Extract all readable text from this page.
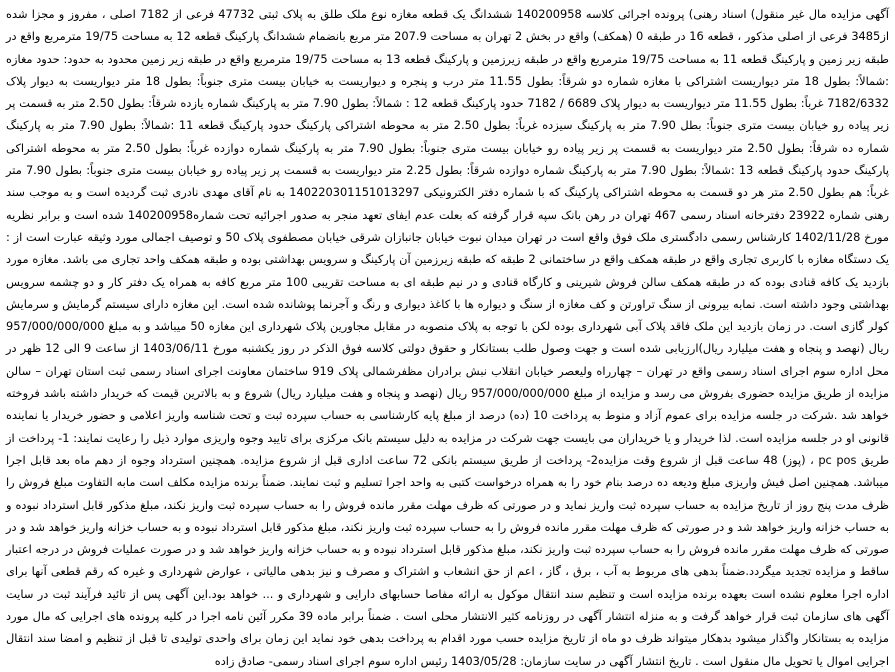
آگهی مزایده مال غیر منقول) اسناد رهنی) پرونده اجرائی کلاسه 140200958 ششدانگ یک قطعه مغازه نوع ملک طلق به پلاک ثبتی 47732 فرعی از 7182 اصلی ، مفروز و مجزا شده از3485 فرعی از اصلی مذکور ، قطعه 16 در طبقه 0 (همکف) واقع در بخش 2 تهران به مساحت 207.9 متر مربع بانضمام ششدانگ پارکینگ قطعه 12 به مساحت 19/75 مترمربع واقع در طبقه زیر زمین و پارکینگ قطعه 11 به مساحت 19/75 مترمربع واقع در طبقه زیرزمین و پارکینگ قطعه 13 به مساحت 19/75 مترمربع واقع در طبقه زیر زمین محدود به حدود: حدود مغازه :شمالاً: بطول 18 متر دیواریست اشتراکی با مغازه شماره دو شرقاً: بطول 11.55 متر درب و پنجره و دیواریست به خیابان بیست متری جنوباً: بطول 18 متر دیواریست به دیوار پلاک 7182/6332 غرباً: بطول 11.55 متر دیواریست به دیوار پلاک 6689 / 7182 حدود پارکینگ قطعه 12 : شمالاً: بطول 7.90 متر به پارکینگ شماره یازده شرقاً: بطول 2.50 متر به قسمت پر زیر پیاده رو خیابان بیست متری جنوباً: بطل 7.90 متر به پارکینگ سیزده غرباً: بطول 2.50 متر به محوطه اشتراکی پارکینگ حدود پارکینگ قطعه 11 :شمالاً: بطول 7.90 متر به پارکینگ شماره ده شرقاً: بطول 2.50 متر دیواریست به قسمت پر زیر پیاده رو خیابان بیست متری جنوباً: بطول 7.90 متر به پارکینگ شماره دوازده غرباً: بطول 2.50 متر به محوطه اشتراکی پارکینگ حدود پارکینگ قطعه 13 :شمالاً: بطول 7.90 متر به پارکینگ شماره دوازده شرقاً: بطول 2.25 متر دیواریست به قسمت پر زیر پیاده رو خیابان بیست متری جنوباً: بطول 7.90 متر غرباً: هم بطول 2.50 متر هر دو قسمت به محوطه اشتراکی پارکینگ که با شماره دفتر الکترونیکی 140220301151013297 به نام آقای مهدی نادری ثبت گردیده است و به موجب سند رهنی شماره 23922 دفترخانه اسناد رسمی 467 تهران در رهن بانک سپه قرار گرفته که بعلت عدم ایفای تعهد منجر به صدور اجرائیه تحت شماره140200958 شده است و برابر نظریه مورخ 1402/11/28 کارشناس رسمی دادگستری ملک فوق واقع است در تهران میدان نبوت خیابان جانبازان شرقی خیابان مصطفوی پلاک 50 و توصیف اجمالی مورد وثیقه عبارت است از : یک دستگاه مغازه با کاربری تجاری واقع در طبقه همکف واقع در ساختمانی 2 طبقه که طبقه زیرزمین آن پارکینگ و سرویس بهداشتی بوده و طبقه همکف واحد تجاری می باشد. مغازه مورد بازدید یک کافه قنادی بوده که در طبقه همکف سالن فروش شیرینی و کارگاه قنادی و در نیم طبقه ای به مساحت تقریبی 100 متر مربع کافه به همراه یک دفتر کار و دو چشمه سرویس بهداشتی وجود داشته است. نمابه بیرونی از سنگ تراورتن و کف مغازه از سنگ و دیواره ها با کاغذ دیواری و رنگ و آجرنما پوشانده شده است. این مغازه دارای سیستم گرمایش و سرمایش کولر گازی است. در زمان بازدید این ملک فاقد پلاک آبی شهرداری بوده لکن با توجه به پلاک منصوبه در مقابل مجاورین پلاک شهرداری این مغازه 50 میباشد و به مبلغ 957/000/000/000 ریال (نهصد و پنجاه و هفت میلیارد ریال)ارزیابی شده است و جهت وصول طلب بستانکار و حقوق دولتی کلاسه فوق الذکر در روز یکشنبه مورخ 1403/06/11 از ساعت 9 الی 12 ظهر در محل اداره سوم اجرای اسناد رسمی واقع در تهران – چهارراه ولیعصر خیابان انقلاب نبش برادران مظفرشمالی پلاک 919 ساختمان معاونت اجرای اسناد رسمی ثبت استان تهران – سالن مزایده از طریق مزایده حضوری بفروش می رسد و مزایده از مبلغ 957/000/000/000 ریال (نهصد و پنجاه و هفت میلیارد ریال) شروع و به بالاترین قیمت که خریدار داشته باشد فروخته خواهد شد .شرکت در جلسه مزایده برای عموم آزاد و منوط به پرداخت 10 (ده) درصد از مبلغ پایه کارشناسی به حساب سپرده ثبت و تحت شناسه واریز اعلامی و حضور خریدار یا نماینده قانونی او در جلسه مزایده است. لذا خریدار و یا خریداران می بایست جهت شرکت در مزایده به دلیل سیستم بانک مرکزی برای تایید وجوه واریزی موارد ذیل را رعایت نمایند: 1- پرداخت از طریق pc pos ، (پوز) 48 ساعت قبل از شروع وقت مزایده2- پرداخت از طریق سیستم بانکی 72 ساعت اداری قبل از شروع مزایده. همچنین استرداد وجوه از دهم ماه بعد قابل اجرا میباشد. همچنین اصل فیش واریزی مبلغ ودیعه ده درصد بنام خود را به همراه درخواست کتبی به واحد اجرا تسلیم و ثبت نمایند. ضمناً برنده مزایده مکلف است مابه التفاوت مبلغ فروش را ظرف مدت پنج روز از تاریخ مزایده به حساب سپرده ثبت واریز نماید و در صورتی که ظرف مهلت مقرر مانده فروش را به حساب سپرده ثبت واریز نکند، مبلغ مذکور قابل استرداد نبوده و به حساب خزانه واریز خواهد شد و در صورتی که ظرف مهلت مقرر مانده فروش را به حساب سپرده ثبت واریز نکند، مبلغ مذکور قابل استرداد نبوده و به حساب خزانه واریز خواهد شد و در صورتی که ظرف مهلت مقرر مانده فروش را به حساب سپرده ثبت واریز نکند، مبلغ مذکور قابل استرداد نبوده و به حساب خزانه واریز خواهد شد و در صورت عملیات فروش در درجه اعتبار ساقط و مزایده تجدید میگردد.ضمناً بدهی های مربوط به آب ، برق ، گاز ، اعم از حق انشعاب و اشتراک و مصرف و نیز بدهی مالیاتی ، عوارض شهرداری و غیره که رقم قطعی آنها برای اداره اجرا معلوم نشده است بعهده برنده مزایده است و تنظیم سند انتقال موکول به ارائه مفاصا حسابهای دارایی و شهرداری و ... خواهد بود.این آگهی پس از تائید فرآیند ثبت در سایت آگهی های سازمان ثبت قرار خواهد گرفت و به منزله انتشار آگهی در روزنامه کثیر الانتشار محلی است . ضمناً برابر ماده 39 مکرر آئین نامه اجرا در کلیه پرونده های اجرایی که مال مورد مزایده به بستانکار واگذار میشود بدهکار میتواند ظرف دو ماه از تاریخ مزایده حسب مورد اقدام به پرداخت بدهی خود نماید این زمان برای واحدی تولیدی تا قبل از تنظیم و امضا سند انتقال اجرایی اموال یا تحویل مال منقول است . تاریخ انتشار آگهی در سایت سازمان: 1403/05/28 رئیس اداره سوم اجرای اسناد رسمی- صادق زاده
